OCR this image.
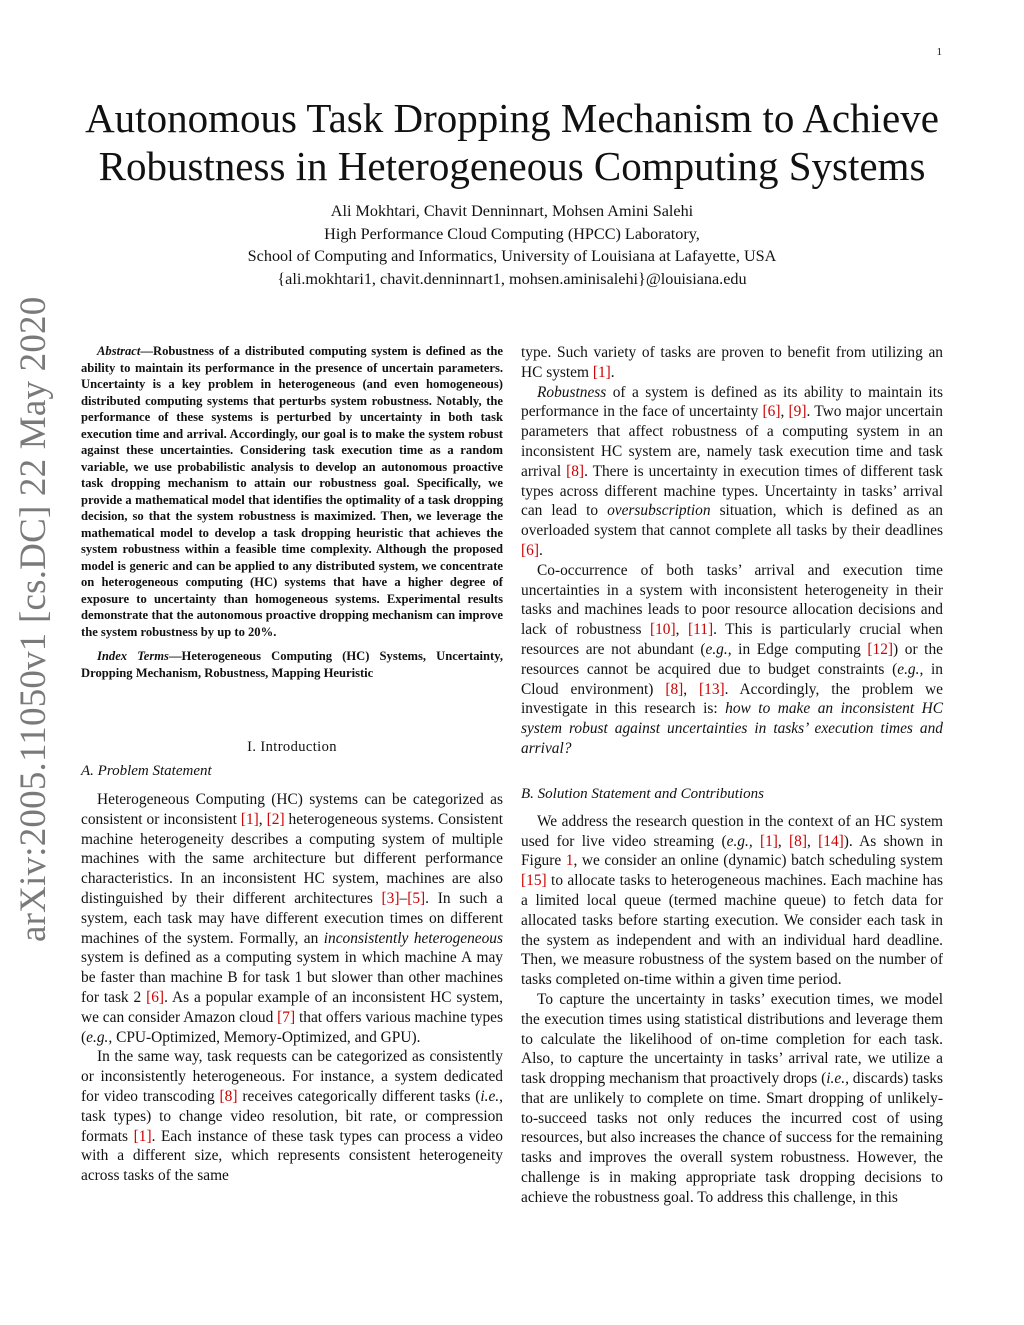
1
arXiv:2005.11050v1 [cs.DC] 22 May 2020
Autonomous Task Dropping Mechanism to Achieve
Robustness in Heterogeneous Computing Systems
Ali Mokhtari, Chavit Denninnart, Mohsen Amini Salehi
High Performance Cloud Computing (HPCC) Laboratory,
School of Computing and Informatics, University of Louisiana at Lafayette, USA
{ali.mokhtari1, chavit.denninnart1, mohsen.aminisalehi}@louisiana.edu

Abstract—Robustness of a distributed computing system is defined as the ability to maintain its performance in the presence of uncertain parameters. Uncertainty is a key problem in heterogeneous (and even homogeneous) distributed computing systems that perturbs system robustness. Notably, the performance of these systems is perturbed by uncertainty in both task execution time and arrival. Accordingly, our goal is to make the system robust against these uncertainties. Considering task execution time as a random variable, we use probabilistic analysis to develop an autonomous proactive task dropping mechanism to attain our robustness goal. Specifically, we provide a mathematical model that identifies the optimality of a task dropping decision, so that the system robustness is maximized. Then, we leverage the mathematical model to develop a task dropping heuristic that achieves the system robustness within a feasible time complexity. Although the proposed model is generic and can be applied to any distributed system, we concentrate on heterogeneous computing (HC) systems that have a higher degree of exposure to uncertainty than homogeneous systems. Experimental results demonstrate that the autonomous proactive dropping mechanism can improve the system robustness by up to 20%.

Index Terms—Heterogeneous Computing (HC) Systems, Uncertainty, Dropping Mechanism, Robustness, Mapping Heuristic

I. Introduction
A. Problem Statement

Heterogeneous Computing (HC) systems can be categorized as consistent or inconsistent [1], [2] heterogeneous systems. Consistent machine heterogeneity describes a computing system of multiple machines with the same architecture but different performance characteristics. In an inconsistent HC system, machines are also distinguished by their different architectures [3]–[5]. In such a system, each task may have different execution times on different machines of the system. Formally, an inconsistently heterogeneous system is defined as a computing system in which machine A may be faster than machine B for task 1 but slower than other machines for task 2 [6]. As a popular example of an inconsistent HC system, we can consider Amazon cloud [7] that offers various machine types (e.g., CPU-Optimized, Memory-Optimized, and GPU).

In the same way, task requests can be categorized as consistently or inconsistently heterogeneous. For instance, a system dedicated for video transcoding [8] receives categorically different tasks (i.e., task types) to change video resolution, bit rate, or compression formats [1]. Each instance of these task types can process a video with a different size, which represents consistent heterogeneity across tasks of the same

type. Such variety of tasks are proven to benefit from utilizing an HC system [1].

Robustness of a system is defined as its ability to maintain its performance in the face of uncertainty [6], [9]. Two major uncertain parameters that affect robustness of a computing system in an inconsistent HC system are, namely task execution time and task arrival [8]. There is uncertainty in execution times of different task types across different machine types. Uncertainty in tasks’ arrival can lead to oversubscription situation, which is defined as an overloaded system that cannot complete all tasks by their deadlines [6].

Co-occurrence of both tasks’ arrival and execution time uncertainties in a system with inconsistent heterogeneity in their tasks and machines leads to poor resource allocation decisions and lack of robustness [10], [11]. This is particularly crucial when resources are not abundant (e.g., in Edge computing [12]) or the resources cannot be acquired due to budget constraints (e.g., in Cloud environment) [8], [13]. Accordingly, the problem we investigate in this research is: how to make an inconsistent HC system robust against uncertainties in tasks’ execution times and arrival?

B. Solution Statement and Contributions

We address the research question in the context of an HC system used for live video streaming (e.g., [1], [8], [14]). As shown in Figure 1, we consider an online (dynamic) batch scheduling system [15] to allocate tasks to heterogeneous machines. Each machine has a limited local queue (termed machine queue) to fetch data for allocated tasks before starting execution. We consider each task in the system as independent and with an individual hard deadline. Then, we measure robustness of the system based on the number of tasks completed on-time within a given time period.

To capture the uncertainty in tasks’ execution times, we model the execution times using statistical distributions and leverage them to calculate the likelihood of on-time completion for each task. Also, to capture the uncertainty in tasks’ arrival rate, we utilize a task dropping mechanism that proactively drops (i.e., discards) tasks that are unlikely to complete on time. Smart dropping of unlikely-to-succeed tasks not only reduces the incurred cost of using resources, but also increases the chance of success for the remaining tasks and improves the overall system robustness. However, the challenge is in making appropriate task dropping decisions to achieve the robustness goal. To address this challenge, in this
